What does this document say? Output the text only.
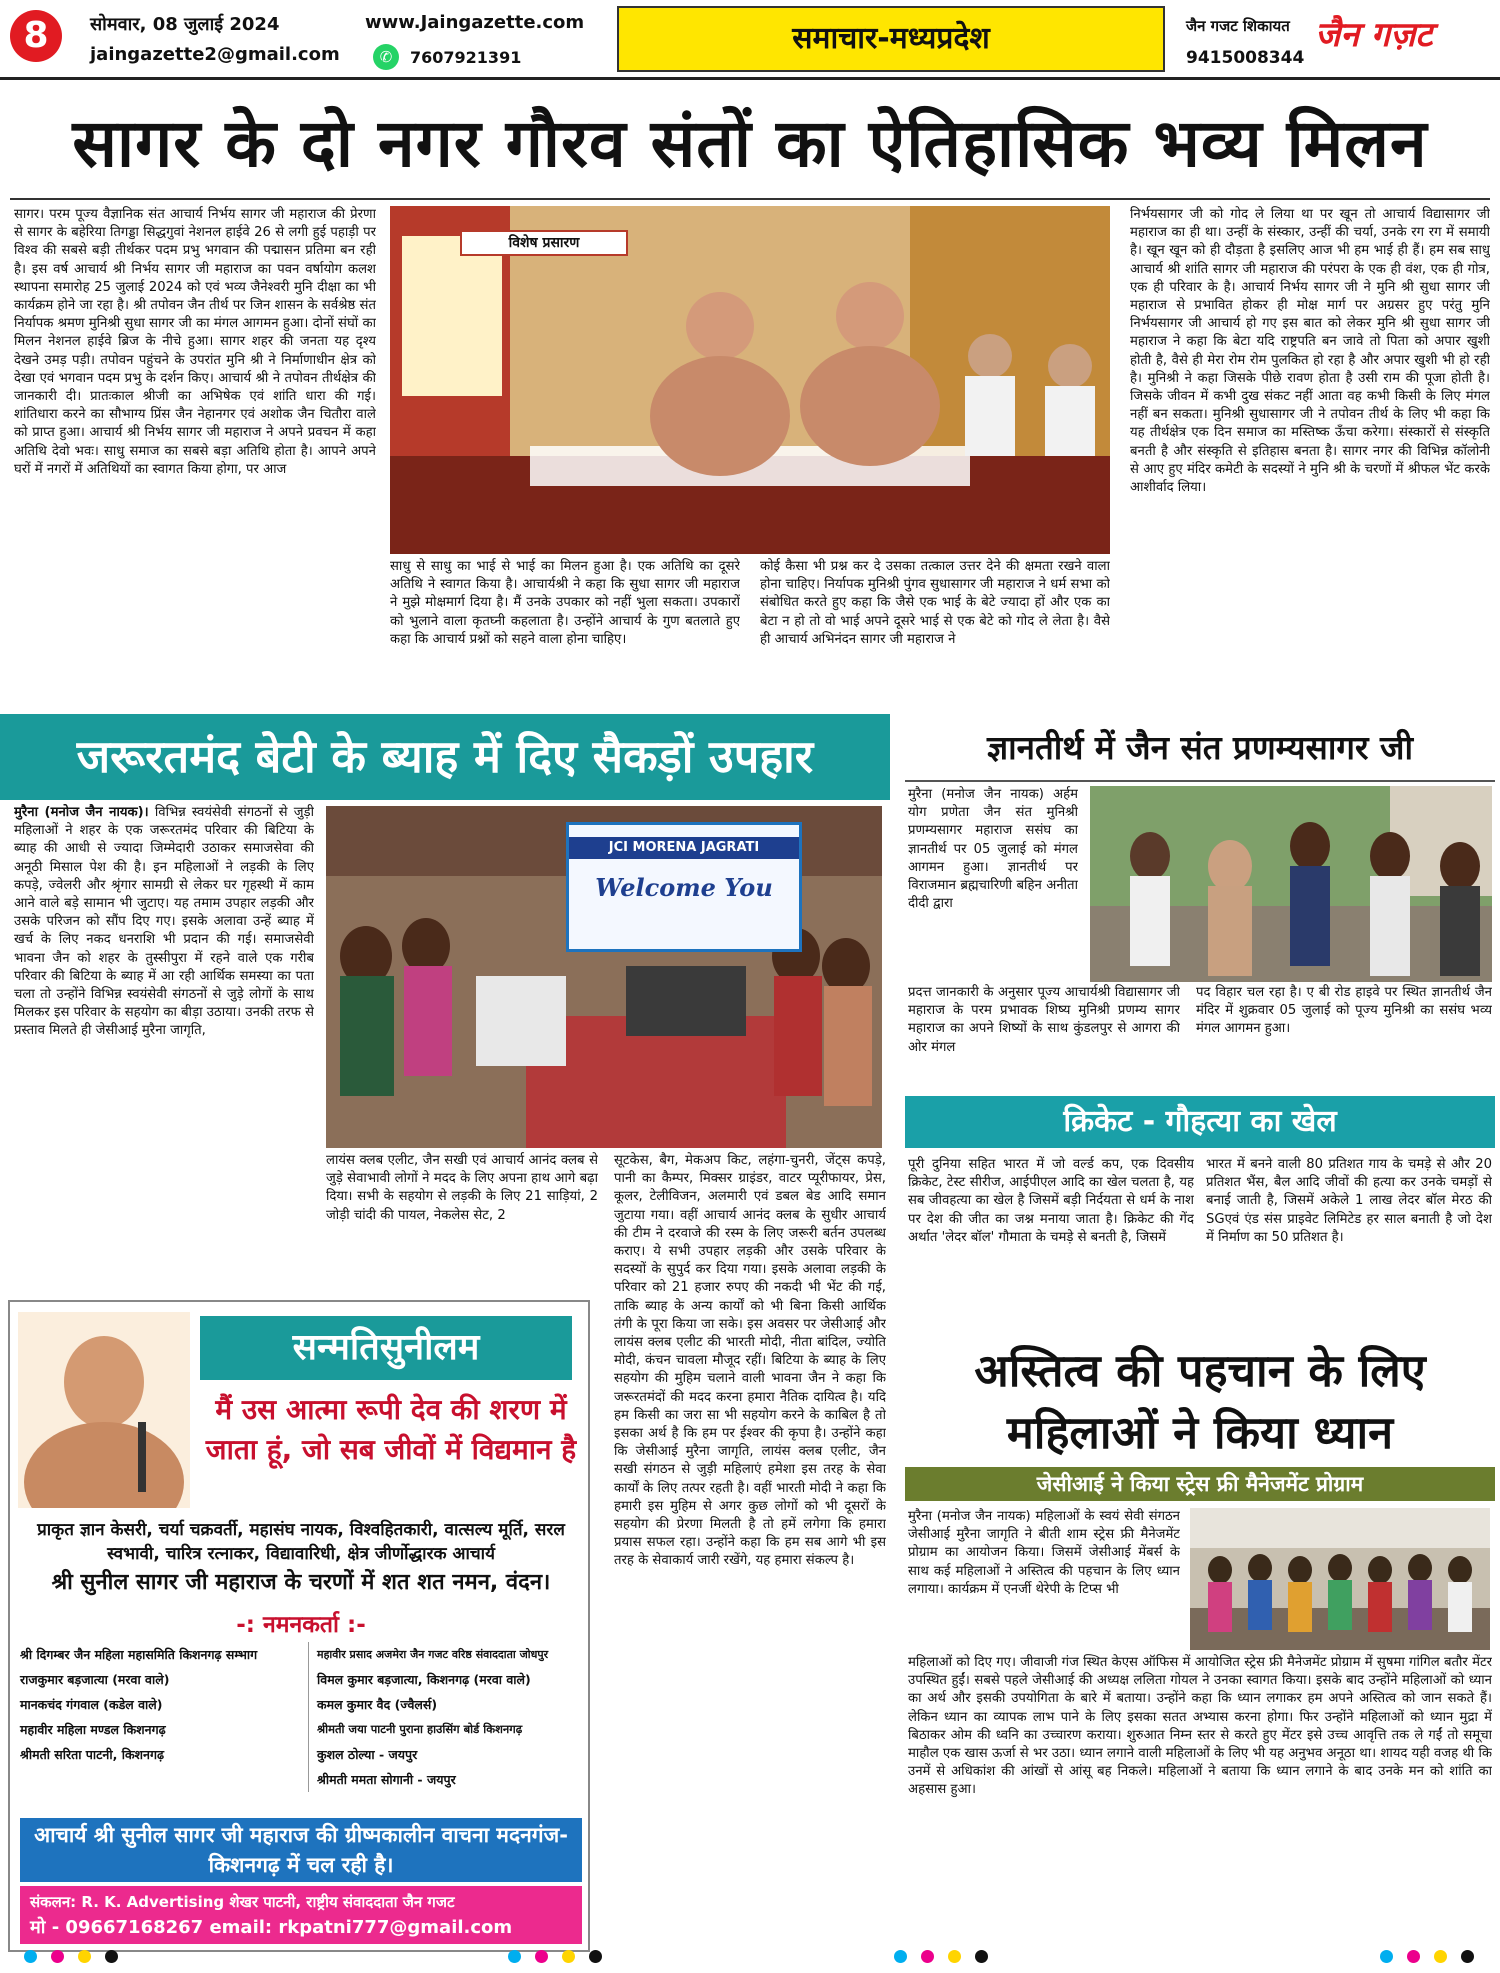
8	सोमवार, 08 जुलाई 2024
jaingazette2@gmail.com
www.Jaingazette.com
✆	7607921391
समाचार-मध्यप्रदेश	जैन गजट शिकायत
9415008344
जैन गज़ट
सागर के दो नगर गौरव संतों का ऐतिहासिक भव्य मिलन
सागर। परम पूज्य वैज्ञानिक संत आचार्य निर्भय सागर जी महाराज की प्रेरणा से सागर के बहेरिया तिगड्डा सिद्धगुवां नेशनल हाईवे 26 से लगी हुई पहाड़ी पर विश्व की सबसे बड़ी तीर्थकर पदम प्रभु भगवान की पद्मासन प्रतिमा बन रही है। इस वर्ष आचार्य श्री निर्भय सागर जी महाराज का पवन वर्षायोग कलश स्थापना समारोह 25 जुलाई 2024 को एवं भव्य जैनेश्वरी मुनि दीक्षा का भी कार्यक्रम होने जा रहा है। श्री तपोवन जैन तीर्थ पर जिन शासन के सर्वश्रेष्ठ संत निर्यापक श्रमण मुनिश्री सुधा सागर जी का मंगल आगमन हुआ। दोनों संघों का मिलन नेशनल हाईवे ब्रिज के नीचे हुआ। सागर शहर की जनता यह दृश्य देखने उमड़ पड़ी। तपोवन पहुंचने के उपरांत मुनि श्री ने निर्माणाधीन क्षेत्र को देखा एवं भगवान पदम प्रभु के दर्शन किए। आचार्य श्री ने तपोवन तीर्थक्षेत्र की जानकारी दी। प्रातःकाल श्रीजी का अभिषेक एवं शांति धारा की गई। शांतिधारा करने का सौभाग्य प्रिंस जैन नेहानगर एवं अशोक जैन चितौरा वाले को प्राप्त हुआ। आचार्य श्री निर्भय सागर जी महाराज ने अपने प्रवचन में कहा अतिथि देवो भवः। साधु समाज का सबसे बड़ा अतिथि होता है। आपने अपने घरों में नगरों में अतिथियों का स्वागत किया होगा, पर आज
विशेष प्रसारण
साधु से साधु का भाई से भाई का मिलन हुआ है। एक अतिथि का दूसरे अतिथि ने स्वागत किया है। आचार्यश्री ने कहा कि सुधा सागर जी महाराज ने मुझे मोक्षमार्ग दिया है। मैं उनके उपकार को नहीं भुला सकता। उपकारों को भुलाने वाला कृतघ्नी कहलाता है। उन्होंने आचार्य के गुण बतलाते हुए कहा कि आचार्य प्रश्नों को सहने वाला होना चाहिए।
कोई कैसा भी प्रश्न कर दे उसका तत्काल उत्तर देने की क्षमता रखने वाला होना चाहिए। निर्यापक मुनिश्री पुंगव सुधासागर जी महाराज ने धर्म सभा को संबोधित करते हुए कहा कि जैसे एक भाई के बेटे ज्यादा हों और एक का बेटा न हो तो वो भाई अपने दूसरे भाई से एक बेटे को गोद ले लेता है। वैसे ही आचार्य अभिनंदन सागर जी महाराज ने
निर्भयसागर जी को गोद ले लिया था पर खून तो आचार्य विद्यासागर जी महाराज का ही था। उन्हीं के संस्कार, उन्हीं की चर्या, उनके रग रग में समायी है। खून खून को ही दौड़ता है इसलिए आज भी हम भाई ही हैं। हम सब साधु आचार्य श्री शांति सागर जी महाराज की परंपरा के एक ही वंश, एक ही गोत्र, एक ही परिवार के है। आचार्य निर्भय सागर जी ने मुनि श्री सुधा सागर जी महाराज से प्रभावित होकर ही मोक्ष मार्ग पर अग्रसर हुए परंतु मुनि निर्भयसागर जी आचार्य हो गए इस बात को लेकर मुनि श्री सुधा सागर जी महाराज ने कहा कि बेटा यदि राष्ट्रपति बन जावे तो पिता को अपार खुशी होती है, वैसे ही मेरा रोम रोम पुलकित हो रहा है और अपार खुशी भी हो रही है। मुनिश्री ने कहा जिसके पीछे रावण होता है उसी राम की पूजा होती है। जिसके जीवन में कभी दुख संकट नहीं आता वह कभी किसी के लिए मंगल नहीं बन सकता। मुनिश्री सुधासागर जी ने तपोवन तीर्थ के लिए भी कहा कि यह तीर्थक्षेत्र एक दिन समाज का मस्तिष्क ऊँचा करेगा। संस्कारों से संस्कृति बनती है और संस्कृति से इतिहास बनता है। सागर नगर की विभिन्न कॉलोनी से आए हुए मंदिर कमेटी के सदस्यों ने मुनि श्री के चरणों में श्रीफल भेंट करके आशीर्वाद लिया।
जरूरतमंद बेटी के ब्याह में दिए सैकड़ों उपहार
मुरैना (मनोज जैन नायक)। विभिन्न स्वयंसेवी संगठनों से जुड़ी महिलाओं ने शहर के एक जरूरतमंद परिवार की बिटिया के ब्याह की आधी से ज्यादा जिम्मेदारी उठाकर समाजसेवा की अनूठी मिसाल पेश की है। इन महिलाओं ने लड़की के लिए कपड़े, ज्वेलरी और श्रृंगार सामग्री से लेकर घर गृहस्थी में काम आने वाले बड़े सामान भी जुटाए। यह तमाम उपहार लड़की और उसके परिजन को सौंप दिए गए। इसके अलावा उन्हें ब्याह में खर्च के लिए नकद धनराशि भी प्रदान की गई। समाजसेवी भावना जैन को शहर के तुस्सीपुरा में रहने वाले एक गरीब परिवार की बिटिया के ब्याह में आ रही आर्थिक समस्या का पता चला तो उन्होंने विभिन्न स्वयंसेवी संगठनों से जुड़े लोगों के साथ मिलकर इस परिवार के सहयोग का बीड़ा उठाया। उनकी तरफ से प्रस्ताव मिलते ही जेसीआई मुरैना जागृति,
JCI MORENA JAGRATI
Welcome You
लायंस क्लब एलीट, जैन सखी एवं आचार्य आनंद क्लब से जुड़े सेवाभावी लोगों ने मदद के लिए अपना हाथ आगे बढ़ा दिया। सभी के सहयोग से लड़की के लिए 21 साड़ियां, 2 जोड़ी चांदी की पायल, नेकलेस सेट, 2
सूटकेस, बैग, मेकअप किट, लहंगा-चुनरी, जेंट्स कपड़े, पानी का कैम्पर, मिक्सर ग्राइंडर, वाटर प्यूरीफायर, प्रेस, कूलर, टेलीविजन, अलमारी एवं डबल बेड आदि समान जुटाया गया। वहीं आचार्य आनंद क्लब के सुधीर आचार्य की टीम ने दरवाजे की रस्म के लिए जरूरी बर्तन उपलब्ध कराए। ये सभी उपहार लड़की और उसके परिवार के सदस्यों के सुपुर्द कर दिया गया। इसके अलावा लड़की के परिवार को 21 हजार रुपए की नकदी भी भेंट की गई, ताकि ब्याह के अन्य कार्यों को भी बिना किसी आर्थिक तंगी के पूरा किया जा सके। इस अवसर पर जेसीआई और लायंस क्लब एलीट की भारती मोदी, नीता बांदिल, ज्योति मोदी, कंचन चावला मौजूद रहीं। बिटिया के ब्याह के लिए सहयोग की मुहिम चलाने वाली भावना जैन ने कहा कि जरूरतमंदों की मदद करना हमारा नैतिक दायित्व है। यदि हम किसी का जरा सा भी सहयोग करने के काबिल है तो इसका अर्थ है कि हम पर ईश्वर की कृपा है। उन्होंने कहा कि जेसीआई मुरैना जागृति, लायंस क्लब एलीट, जैन सखी संगठन से जुड़ी महिलाएं हमेशा इस तरह के सेवा कार्यों के लिए तत्पर रहती है। वहीं भारती मोदी ने कहा कि हमारी इस मुहिम से अगर कुछ लोगों को भी दूसरों के सहयोग की प्रेरणा मिलती है तो हमें लगेगा कि हमारा प्रयास सफल रहा। उन्होंने कहा कि हम सब आगे भी इस तरह के सेवाकार्य जारी रखेंगे, यह हमारा संकल्प है।
ज्ञानतीर्थ में जैन संत प्रणम्यसागर जी
मुरैना (मनोज जैन नायक) अर्हम योग प्रणेता जैन संत मुनिश्री प्रणम्यसागर महाराज ससंघ का ज्ञानतीर्थ पर 05 जुलाई को मंगल आगमन हुआ। ज्ञानतीर्थ पर विराजमान ब्रह्मचारिणी बहिन अनीता दीदी द्वारा
प्रदत्त जानकारी के अनुसार पूज्य आचार्यश्री विद्यासागर जी महाराज के परम प्रभावक शिष्य मुनिश्री प्रणम्य सागर महाराज का अपने शिष्यों के साथ कुंडलपुर से आगरा की ओर मंगल
पद विहार चल रहा है। ए बी रोड हाइवे पर स्थित ज्ञानतीर्थ जैन मंदिर में शुक्रवार 05 जुलाई को पूज्य मुनिश्री का ससंघ भव्य मंगल आगमन हुआ।
क्रिकेट - गौहत्या का खेल
पूरी दुनिया सहित भारत में जो वर्ल्ड कप, एक दिवसीय क्रिकेट, टेस्ट सीरीज, आईपीएल आदि का खेल चलता है, यह सब जीवहत्या का खेल है जिसमें बड़ी निर्दयता से धर्म के नाश पर देश की जीत का जश्न मनाया जाता है। क्रिकेट की गेंद अर्थात 'लेदर बॉल' गौमाता के चमड़े से बनती है, जिसमें
भारत में बनने वाली 80 प्रतिशत गाय के चमड़े से और 20 प्रतिशत भैंस, बैल आदि जीवों की हत्या कर उनके चमड़ों से बनाई जाती है, जिसमें अकेले 1 लाख लेदर बॉल मेरठ की SGएवं एंड संस प्राइवेट लिमिटेड हर साल बनाती है जो देश में निर्माण का 50 प्रतिशत है।
अस्तित्व की पहचान के लिए महिलाओं ने किया ध्यान
जेसीआई ने किया स्ट्रेस फ्री मैनेजमेंट प्रोग्राम
मुरैना (मनोज जैन नायक) महिलाओं के स्वयं सेवी संगठन जेसीआई मुरैना जागृति ने बीती शाम स्ट्रेस फ्री मैनेजमेंट प्रोग्राम का आयोजन किया। जिसमें जेसीआई मेंबर्स के साथ कई महिलाओं ने अस्तित्व की पहचान के लिए ध्यान लगाया। कार्यक्रम में एनर्जी थेरेपी के टिप्स भी
महिलाओं को दिए गए। जीवाजी गंज स्थित केएस ऑफिस में आयोजित स्ट्रेस फ्री मैनेजमेंट प्रोग्राम में सुषमा गांगिल बतौर मेंटर उपस्थित हुईं। सबसे पहले जेसीआई की अध्यक्ष ललिता गोयल ने उनका स्वागत किया। इसके बाद उन्होंने महिलाओं को ध्यान का अर्थ और इसकी उपयोगिता के बारे में बताया। उन्होंने कहा कि ध्यान लगाकर हम अपने अस्तित्व को जान सकते हैं। लेकिन ध्यान का व्यापक लाभ पाने के लिए इसका सतत अभ्यास करना होगा। फिर उन्होंने महिलाओं को ध्यान मुद्रा में बिठाकर ओम की ध्वनि का उच्चारण कराया। शुरुआत निम्न स्तर से करते हुए मेंटर इसे उच्च आवृत्ति तक ले गईं तो समूचा माहौल एक खास ऊर्जा से भर उठा। ध्यान लगाने वाली महिलाओं के लिए भी यह अनुभव अनूठा था। शायद यही वजह थी कि उनमें से अधिकांश की आंखों से आंसू बह निकले। महिलाओं ने बताया कि ध्यान लगाने के बाद उनके मन को शांति का अहसास हुआ।
सन्मतिसुनीलम
मैं उस आत्मा रूपी देव की शरण में जाता हूं, जो सब जीवों में विद्यमान है
प्राकृत ज्ञान केसरी, चर्या चक्रवर्ती, महासंघ नायक, विश्वहितकारी, वात्सल्य मूर्ति, सरल स्वभावी, चारित्र रत्नाकर, विद्यावारिधी, क्षेत्र जीर्णोद्धारक आचार्य
श्री सुनील सागर जी महाराज के चरणों में शत शत नमन, वंदन।
-: नमनकर्ता :-
श्री दिगम्बर जैन महिला महासमिति किशनगढ़ सम्भाग
राजकुमार बड़जात्या (मरवा वाले)
मानकचंद गंगवाल (कडेल वाले)
महावीर महिला मण्डल किशनगढ़
श्रीमती सरिता पाटनी, किशनगढ़
महावीर प्रसाद अजमेरा जैन गजट वरिष्ठ संवाददाता जोधपुर
विमल कुमार बड़जात्या, किशनगढ़ (मरवा वाले)
कमल कुमार वैद (ज्वैलर्स)
श्रीमती जया पाटनी पुराना हाउसिंग बोर्ड किशनगढ़
कुशल ठोल्या - जयपुर
श्रीमती ममता सोगानी - जयपुर
आचार्य श्री सुनील सागर जी महाराज की ग्रीष्मकालीन वाचना मदनगंज-किशनगढ़ में चल रही है।
संकलन: R. K. Advertising शेखर पाटनी, राष्ट्रीय संवाददाता जैन गजट
मो - 09667168267 email: rkpatni777@gmail.com
